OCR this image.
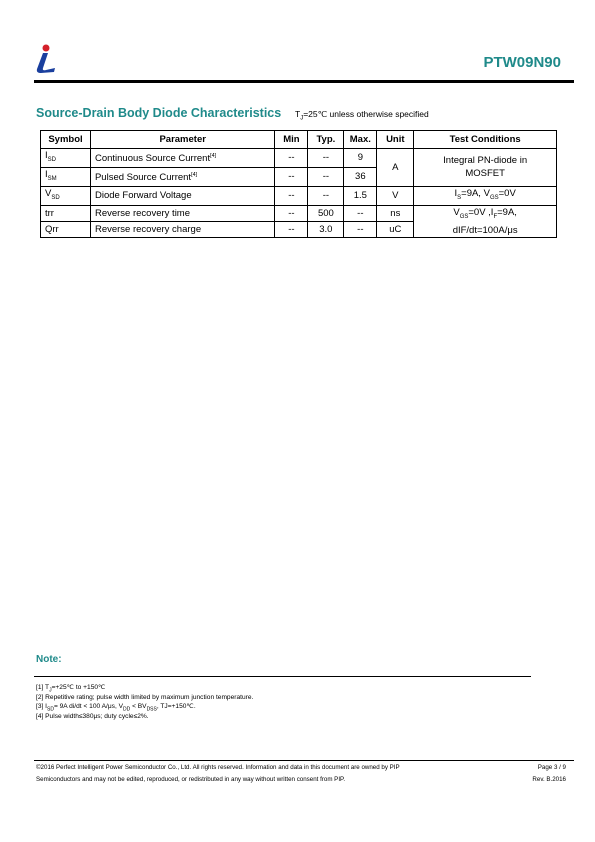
PTW09N90
Source-Drain Body Diode Characteristics $T_J=25℃$ unless otherwise specified
Symbol	Parameter	Min	Typ.	Max.	Unit	Test Conditions
$I_{SD}$	Continuous Source Current[4]	--	--	9	A	Integral PN-diode in
MOSFET
$I_{SM}$	Pulsed Source Current[4]	--	--	36		
$V_{SD}$	Diode Forward Voltage	--	--	1.5	V	$I_S=9A$, $V_{GS}=0V$
trr	Reverse recovery time	--	500	--	ns	$V_{GS}=0V$ $,I_F=9A$,
dIF/dt=100A/μs
Qrr	Reverse recovery charge	--	3.0	--	uC	
Note:
[1] $T_J=+25℃$ to +150℃
[2] Repetitive rating; pulse width limited by maximum junction temperature.
[3] $I_{SD}= 9A$ di/dt < 100 A/μs, $V_{DD} < BV_{DSS}$, TJ=+150℃.
[4] Pulse width≤380μs; duty cycle≤2%.
©2016 Perfect Intelligent Power Semiconductor Co., Ltd. All rights reserved. Information and data in this document are owned by PIP
Semiconductors and may not be edited, reproduced, or redistributed in any way without written consent from PIP.
Page 3 / 9
Rev. B.2016
